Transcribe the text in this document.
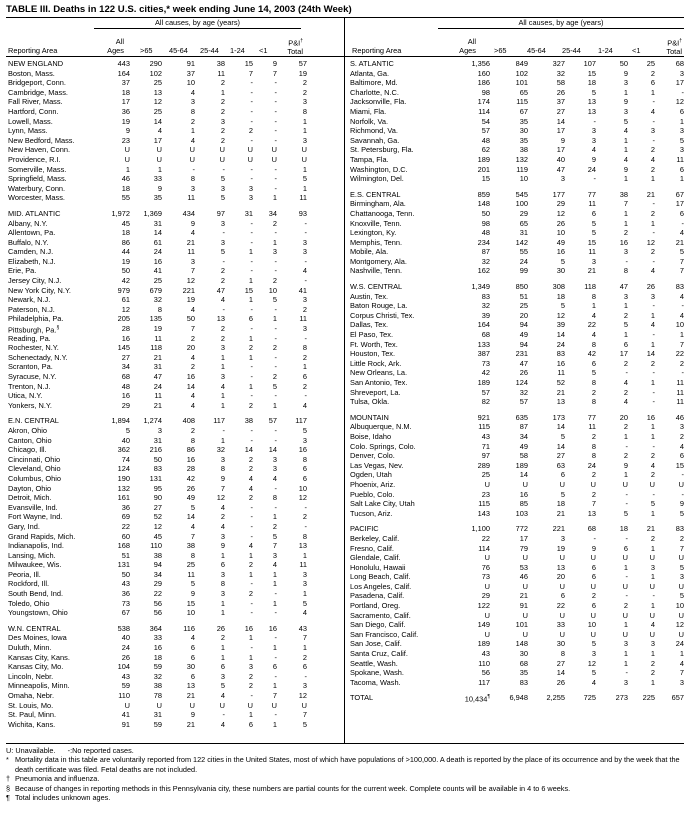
TABLE III. Deaths in 122 U.S. cities,* week ending June 14, 2003 (24th Week)
All causes, by age (years)
Reporting Area
All
Ages >65 45-64 25-44 1-24 <1
P&I†
Total
All causes, by age (years)
Reporting Area
All
Ages >65	45-64 25-44 1-24	<1
P&I†
Total
NEW ENGLAND	443	290	91	38	15	9	57
Boston, Mass.	164	102	37	11	7	7	19
Bridgeport, Conn.	37	25	10	2	-	-	2
Cambridge, Mass.	18	13	4	1	-	-	2
Fall River, Mass.	17	12	3	2	-	-	3
Hartford, Conn.	36	25	8	2	-	-	8
Lowell, Mass.	19	14	2	3	-	-	1
Lynn, Mass.	9	4	1	2	2	-	1
New Bedford, Mass.	23	17	4	2	-	-	3
New Haven, Conn.	U	U	U	U	U	U	U
Providence, R.I.	U	U	U	U	U	U	U
Somerville, Mass.	1	1	-	-	-	-	1
Springfield, Mass.	46	33	8	5	-	-	5
Waterbury, Conn.	18	9	3	3	3	-	1
Worcester, Mass.	55	35	11	5	3	1	11
MID. ATLANTIC	1,972	1,369	434	97	31	34	93
Albany, N.Y.	45	31	9	3	-	2	-
Allentown, Pa.	18	14	4	-	-	-	-
Buffalo, N.Y.	86	61	21	3	-	1	3
Camden, N.J.	44	24	11	5	1	3	3
Elizabeth, N.J.	19	16	3	-	-	-	-
Erie, Pa.	50	41	7	2	-	-	4
Jersey City, N.J.	42	25	12	2	1	2	-
New York City, N.Y.	979	679	221	47	15	10	41
Newark, N.J.	61	32	19	4	1	5	3
Paterson, N.J.	12	8	4	-	-	-	2
Philadelphia, Pa.	205	135	50	13	6	1	11
Pittsburgh, Pa.§	28	19	7	2	-	-	3
Reading, Pa.	16	11	2	2	1	-	-
Rochester, N.Y.	145	118	20	3	2	2	8
Schenectady, N.Y.	27	21	4	1	1	-	2
Scranton, Pa.	34	31	2	1	-	-	1
Syracuse, N.Y.	68	47	16	3	-	2	6
Trenton, N.J.	48	24	14	4	1	5	2
Utica, N.Y.	16	11	4	1	-	-	-
Yonkers, N.Y.	29	21	4	1	2	1	4
E.N. CENTRAL	1,894	1,274	408	117	38	57	117
Akron, Ohio	5	3	2	-	-	-	5
Canton, Ohio	40	31	8	1	-	-	3
Chicago, Ill.	362	216	86	32	14	14	16
Cincinnati, Ohio	74	50	16	3	2	3	8
Cleveland, Ohio	124	83	28	8	2	3	6
Columbus, Ohio	190	131	42	9	4	4	6
Dayton, Ohio	132	95	26	7	4	-	10
Detroit, Mich.	161	90	49	12	2	8	12
Evansville, Ind.	36	27	5	4	-	-	-
Fort Wayne, Ind.	69	52	14	2	-	1	2
Gary, Ind.	22	12	4	4	-	2	-
Grand Rapids, Mich.	60	45	7	3	-	5	8
Indianapolis, Ind.	168	110	38	9	4	7	13
Lansing, Mich.	51	38	8	1	1	3	1
Milwaukee, Wis.	131	94	25	6	2	4	11
Peoria, Ill.	50	34	11	3	1	1	3
Rockford, Ill.	43	29	5	8	-	1	3
South Bend, Ind.	36	22	9	3	2	-	1
Toledo, Ohio	73	56	15	1	-	1	5
Youngstown, Ohio	67	56	10	1	-	-	4
W.N. CENTRAL	538	364	116	26	16	16	43
Des Moines, Iowa	40	33	4	2	1	-	7
Duluth, Minn.	24	16	6	1	-	1	1
Kansas City, Kans.	26	18	6	1	1	-	2
Kansas City, Mo.	104	59	30	6	3	6	6
Lincoln, Nebr.	43	32	6	3	2	-	-
Minneapolis, Minn.	59	38	13	5	2	1	3
Omaha, Nebr.	110	78	21	4	-	7	12
St. Louis, Mo.	U	U	U	U	U	U	U
St. Paul, Minn.	41	31	9	-	1	-	7
Wichita, Kans.	91	59	21	4	6	1	5
S. ATLANTIC	1,356	849	327	107	50	25	68
Atlanta, Ga.	160	102	32	15	9	2	3
Baltimore, Md.	186	101	58	18	3	6	17
Charlotte, N.C.	98	65	26	5	1	1	-
Jacksonville, Fla.	174	115	37	13	9	-	12
Miami, Fla.	114	67	27	13	3	4	6
Norfolk, Va.	54	35	14	-	5	-	1
Richmond, Va.	57	30	17	3	4	3	3
Savannah, Ga.	48	35	9	3	1	-	5
St. Petersburg, Fla.	62	38	17	4	1	2	3
Tampa, Fla.	189	132	40	9	4	4	11
Washington, D.C.	201	119	47	24	9	2	6
Wilmington, Del.	15	10	3	-	1	1	1
E.S. CENTRAL	859	545	177	77	38	21	67
Birmingham, Ala.	148	100	29	11	7	-	17
Chattanooga, Tenn.	50	29	12	6	1	2	6
Knoxville, Tenn.	98	65	26	5	1	1	-
Lexington, Ky.	48	31	10	5	2	-	4
Memphis, Tenn.	234	142	49	15	16	12	21
Mobile, Ala.	87	55	16	11	3	2	5
Montgomery, Ala.	32	24	5	3	-	-	7
Nashville, Tenn.	162	99	30	21	8	4	7
W.S. CENTRAL	1,349	850	308	118	47	26	83
Austin, Tex.	83	51	18	8	3	3	4
Baton Rouge, La.	32	25	5	1	1	-	-
Corpus Christi, Tex.	39	20	12	4	2	1	4
Dallas, Tex.	164	94	39	22	5	4	10
El Paso, Tex.	68	49	14	4	1	-	1
Ft. Worth, Tex.	133	94	24	8	6	1	7
Houston, Tex.	387	231	83	42	17	14	22
Little Rock, Ark.	73	47	16	6	2	2	2
New Orleans, La.	42	26	11	5	-	-	-
San Antonio, Tex.	189	124	52	8	4	1	11
Shreveport, La.	57	32	21	2	2	-	11
Tulsa, Okla.	82	57	13	8	4	-	11
MOUNTAIN	921	635	173	77	20	16	46
Albuquerque, N.M.	115	87	14	11	2	1	3
Boise, Idaho	43	34	5	2	1	1	2
Colo. Springs, Colo.	71	49	14	8	-	-	4
Denver, Colo.	97	58	27	8	2	2	6
Las Vegas, Nev.	289	189	63	24	9	4	15
Ogden, Utah	25	14	6	2	1	2	-
Phoenix, Ariz.	U	U	U	U	U	U	U
Pueblo, Colo.	23	16	5	2	-	-	-
Salt Lake City, Utah	115	85	18	7	-	5	9
Tucson, Ariz.	143	103	21	13	5	1	5
PACIFIC	1,100	772	221	68	18	21	83
Berkeley, Calif.	22	17	3	-	-	2	2
Fresno, Calif.	114	79	19	9	6	1	7
Glendale, Calif.	U	U	U	U	U	U	U
Honolulu, Hawaii	76	53	13	6	1	3	5
Long Beach, Calif.	73	46	20	6	-	1	3
Los Angeles, Calif.	U	U	U	U	U	U	U
Pasadena, Calif.	29	21	6	2	-	-	5
Portland, Oreg.	122	91	22	6	2	1	10
Sacramento, Calif.	U	U	U	U	U	U	U
San Diego, Calif.	149	101	33	10	1	4	12
San Francisco, Calif.	U	U	U	U	U	U	U
San Jose, Calif.	189	148	30	5	3	3	24
Santa Cruz, Calif.	43	30	8	3	1	1	1
Seattle, Wash.	110	68	27	12	1	2	4
Spokane, Wash.	56	35	14	5	-	2	7
Tacoma, Wash.	117	83	26	4	3	1	3
TOTAL	10,434¶	6,948	2,255	725	273	225	657
U: Unavailable.      -:No reported cases.
* Mortality data in this table are voluntarily reported from 122 cities in the United States, most of which have populations of >100,000. A death is reported by the place of its occurrence and by the week that the death certificate was filed. Fetal deaths are not included.
† Pneumonia and influenza.
§ Because of changes in reporting methods in this Pennsylvania city, these numbers are partial counts for the current week. Complete counts will be available in 4 to 6 weeks.
¶ Total includes unknown ages.
